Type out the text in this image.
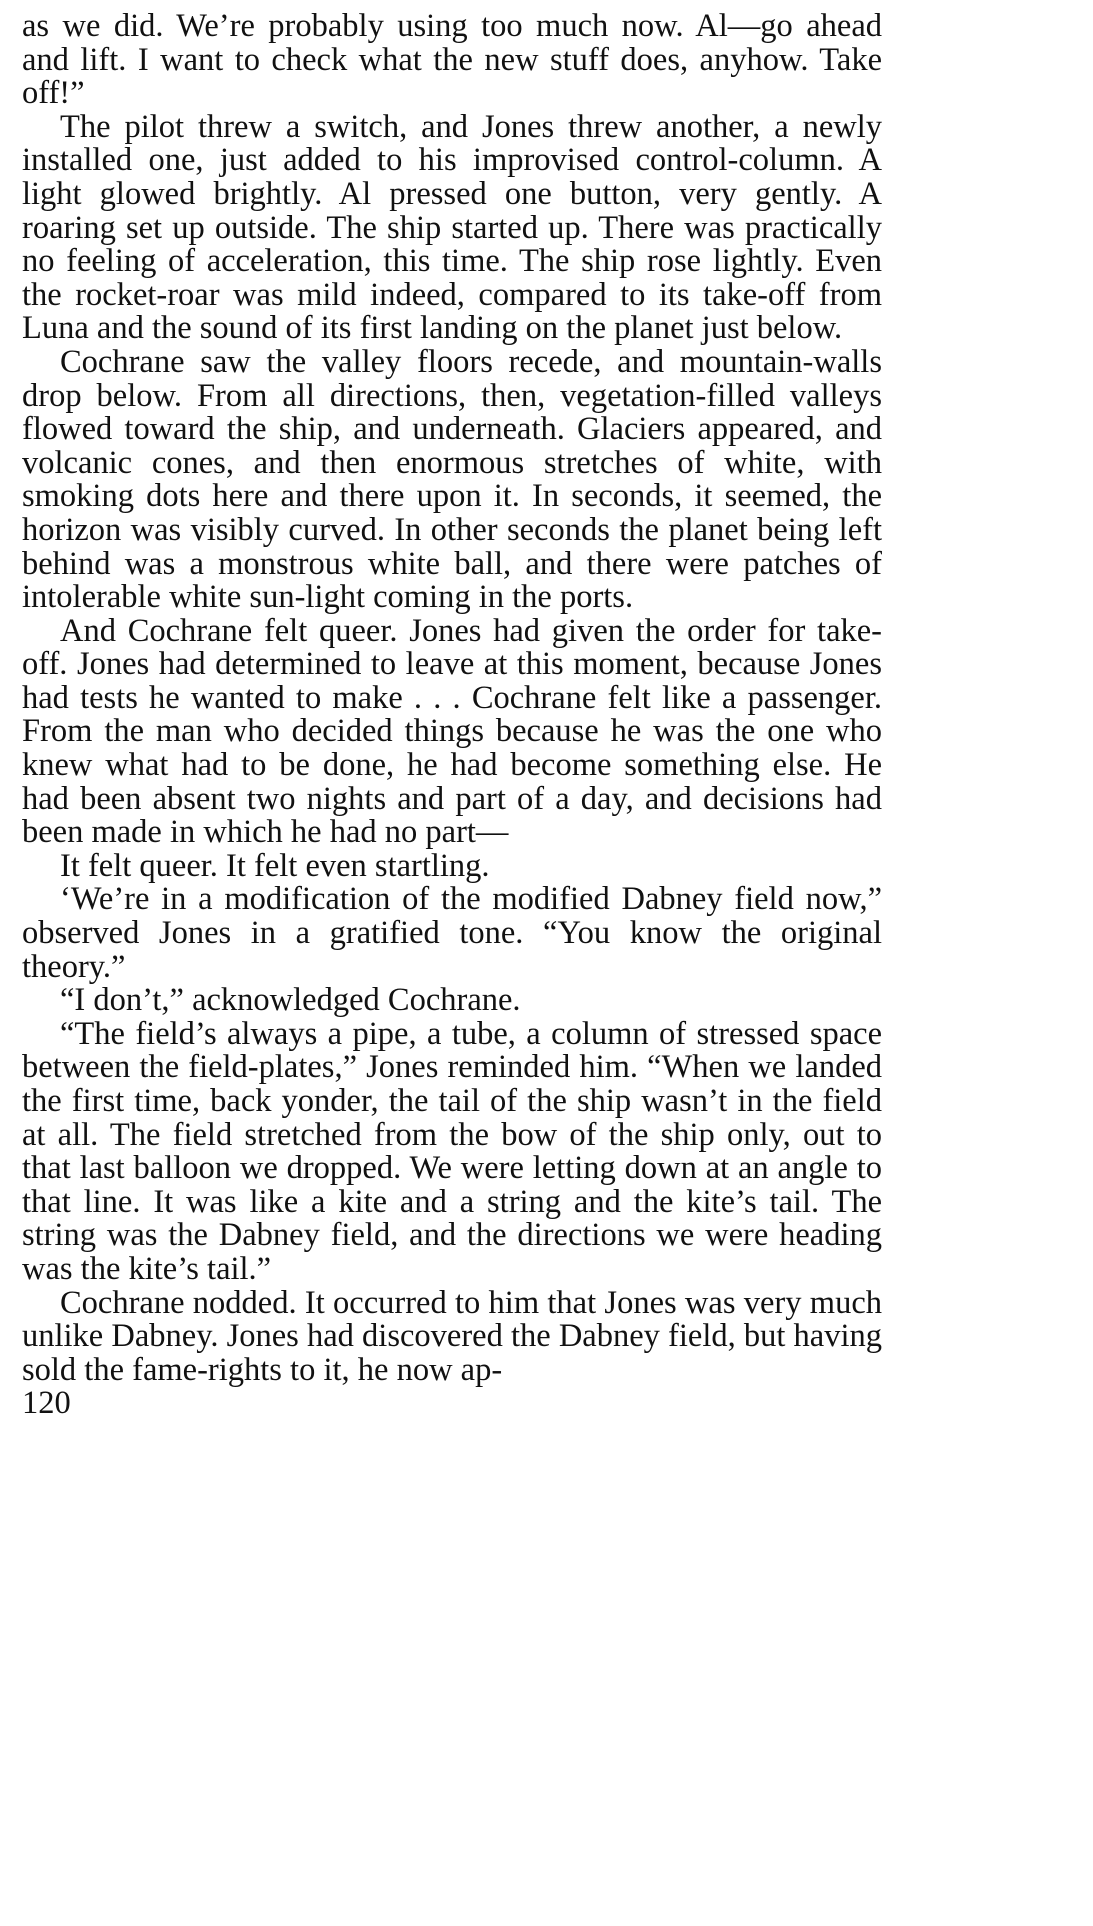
as we did. We’re probably using too much now. Al—go ahead and lift. I want to check what the new stuff does, anyhow. Take off!”

The pilot threw a switch, and Jones threw another, a newly installed one, just added to his improvised control-column. A light glowed brightly. Al pressed one button, very gently. A roaring set up outside. The ship started up. There was practically no feeling of acceleration, this time. The ship rose lightly. Even the rocket-roar was mild indeed, compared to its take-off from Luna and the sound of its first landing on the planet just below.

Cochrane saw the valley floors recede, and mountain-walls drop below. From all directions, then, vegetation-filled valleys flowed toward the ship, and underneath. Glaciers appeared, and volcanic cones, and then enormous stretches of white, with smoking dots here and there upon it. In seconds, it seemed, the horizon was visibly curved. In other seconds the planet being left behind was a monstrous white ball, and there were patches of intolerable white sun-light coming in the ports.

And Cochrane felt queer. Jones had given the order for take-off. Jones had determined to leave at this moment, because Jones had tests he wanted to make . . . Cochrane felt like a passenger. From the man who decided things because he was the one who knew what had to be done, he had become something else. He had been absent two nights and part of a day, and decisions had been made in which he had no part—

It felt queer. It felt even startling.

‘We’re in a modification of the modified Dabney field now,” observed Jones in a gratified tone. “You know the original theory.”

“I don’t,” acknowledged Cochrane.

“The field’s always a pipe, a tube, a column of stressed space between the field-plates,” Jones reminded him. “When we landed the first time, back yonder, the tail of the ship wasn’t in the field at all. The field stretched from the bow of the ship only, out to that last balloon we dropped. We were letting down at an angle to that line. It was like a kite and a string and the kite’s tail. The string was the Dabney field, and the directions we were heading was the kite’s tail.”

Cochrane nodded. It occurred to him that Jones was very much unlike Dabney. Jones had discovered the Dabney field, but having sold the fame-rights to it, he now ap-

120
